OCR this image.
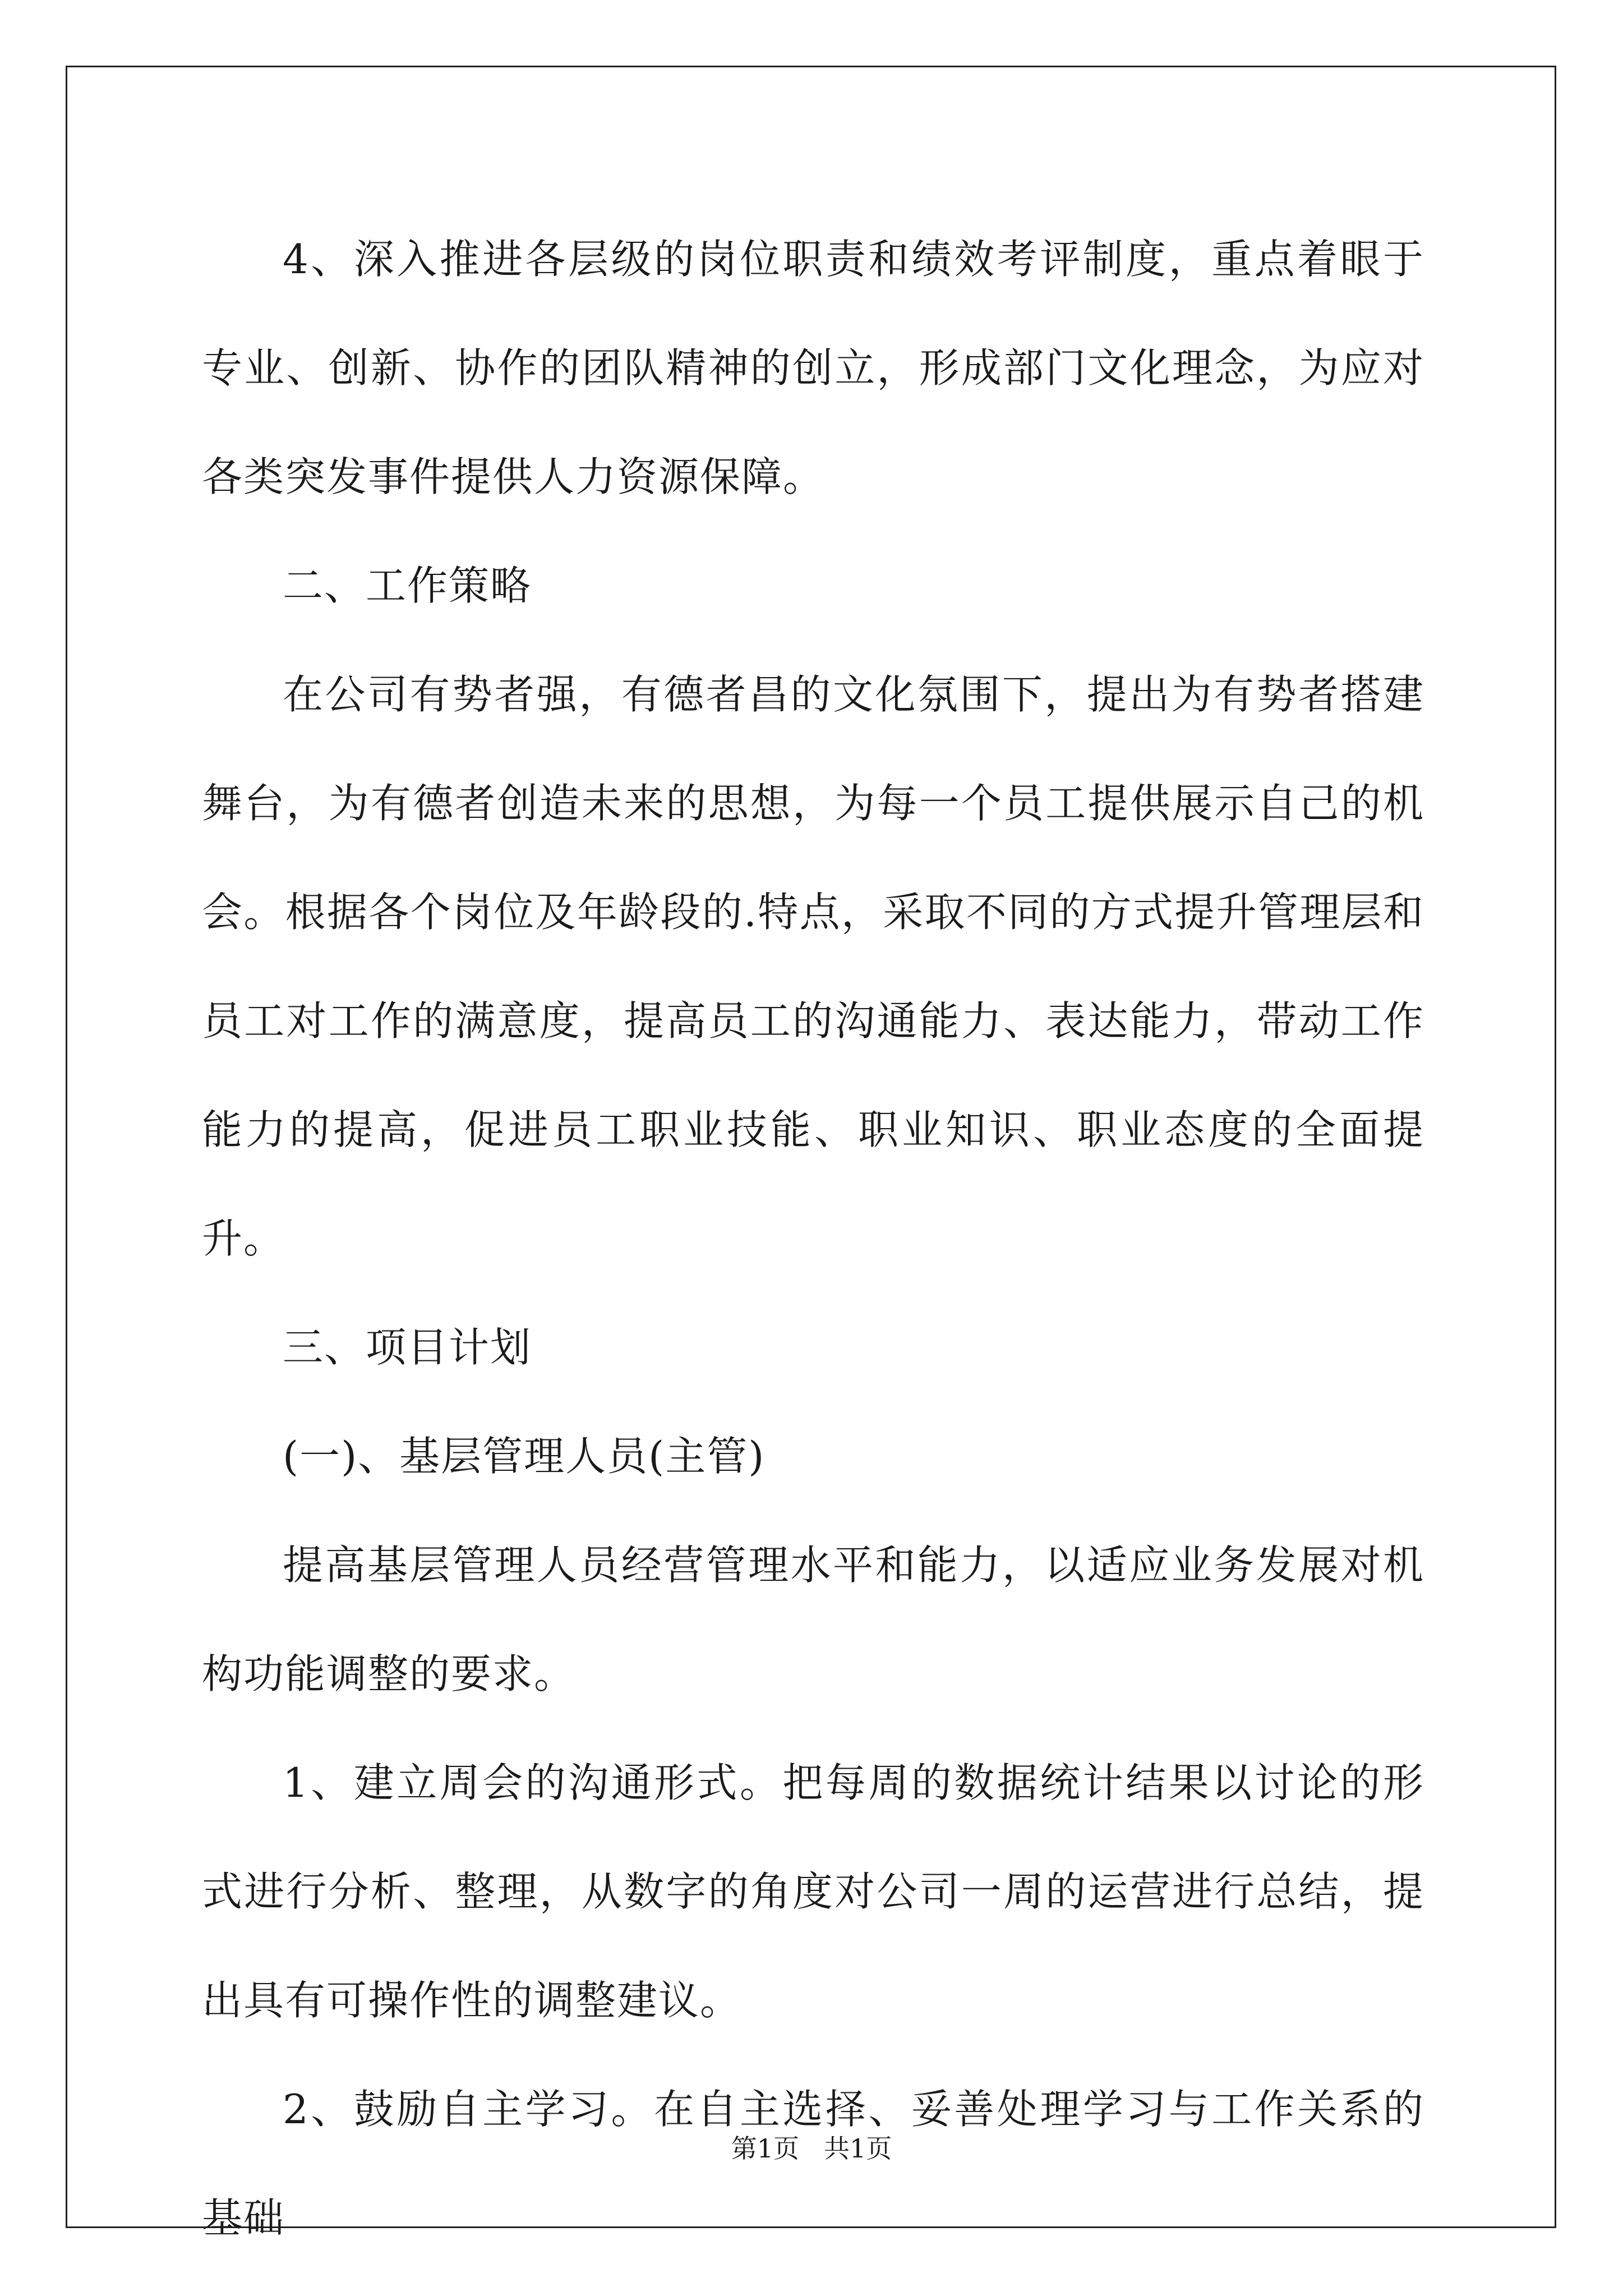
4、深入推进各层级的岗位职责和绩效考评制度，重点着眼于专业、创新、协作的团队精神的创立，形成部门文化理念，为应对各类突发事件提供人力资源保障。

二、工作策略

在公司有势者强，有德者昌的文化氛围下，提出为有势者搭建舞台，为有德者创造未来的思想，为每一个员工提供展示自己的机会。根据各个岗位及年龄段的.特点，采取不同的方式提升管理层和员工对工作的满意度，提高员工的沟通能力、表达能力，带动工作能力的提高，促进员工职业技能、职业知识、职业态度的全面提升。

三、项目计划

(一)、基层管理人员(主管)

提高基层管理人员经营管理水平和能力，以适应业务发展对机构功能调整的要求。

1、建立周会的沟通形式。把每周的数据统计结果以讨论的形式进行分析、整理，从数字的角度对公司一周的运营进行总结，提出具有可操作性的调整建议。

2、鼓励自主学习。在自主选择、妥善处理学习与工作关系的基础

第1页 共1页
